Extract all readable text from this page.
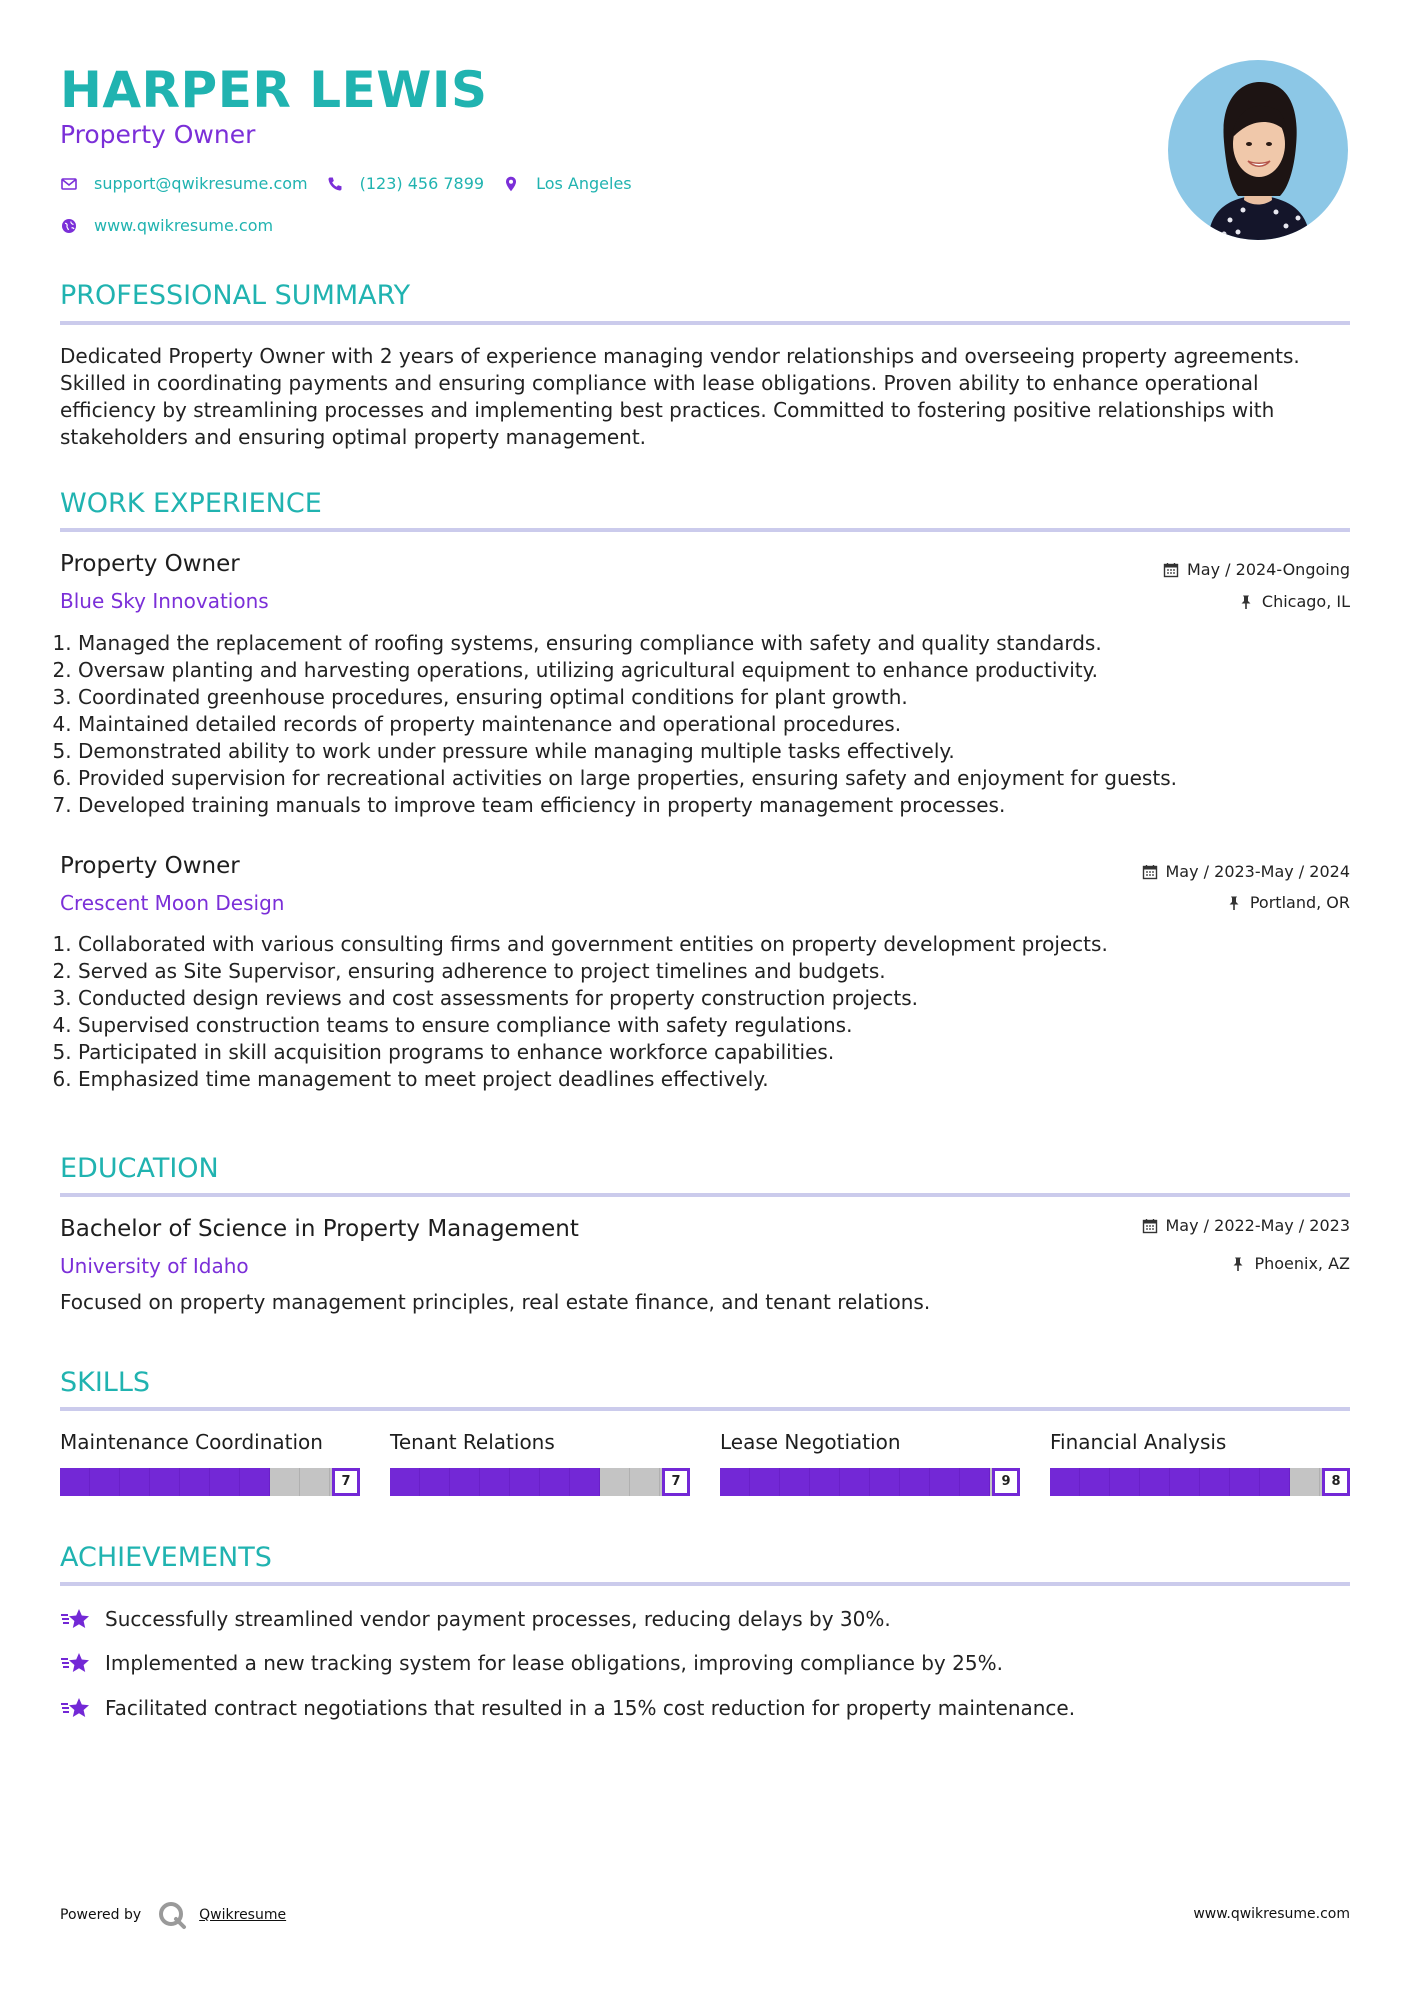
HARPER LEWIS
Property Owner
support@qwikresume.com	(123) 456 7899	Los Angeles
www.qwikresume.com
PROFESSIONAL SUMMARY

Dedicated Property Owner with 2 years of experience managing vendor relationships and overseeing property agreements. Skilled in coordinating payments and ensuring compliance with lease obligations. Proven ability to enhance operational efficiency by streamlining processes and implementing best practices. Committed to fostering positive relationships with stakeholders and ensuring optimal property management.

WORK EXPERIENCE
Property Owner
Blue Sky Innovations
May / 2024-Ongoing
Chicago, IL
1. Managed the replacement of roofing systems, ensuring compliance with safety and quality standards.
2. Oversaw planting and harvesting operations, utilizing agricultural equipment to enhance productivity.
3. Coordinated greenhouse procedures, ensuring optimal conditions for plant growth.
4. Maintained detailed records of property maintenance and operational procedures.
5. Demonstrated ability to work under pressure while managing multiple tasks effectively.
6. Provided supervision for recreational activities on large properties, ensuring safety and enjoyment for guests.
7. Developed training manuals to improve team efficiency in property management processes.
Property Owner
Crescent Moon Design
May / 2023-May / 2024
Portland, OR
1. Collaborated with various consulting firms and government entities on property development projects.
2. Served as Site Supervisor, ensuring adherence to project timelines and budgets.
3. Conducted design reviews and cost assessments for property construction projects.
4. Supervised construction teams to ensure compliance with safety regulations.
5. Participated in skill acquisition programs to enhance workforce capabilities.
6. Emphasized time management to meet project deadlines effectively.
EDUCATION
Bachelor of Science in Property Management
University of Idaho
May / 2022-May / 2023
Phoenix, AZ
Focused on property management principles, real estate finance, and tenant relations.
SKILLS
Maintenance Coordination
7
Tenant Relations
7
Lease Negotiation
9
Financial Analysis
8
ACHIEVEMENTS
Successfully streamlined vendor payment processes, reducing delays by 30%.
Implemented a new tracking system for lease obligations, improving compliance by 25%.
Facilitated contract negotiations that resulted in a 15% cost reduction for property maintenance.
Powered by	Qwikresume	www.qwikresume.com
